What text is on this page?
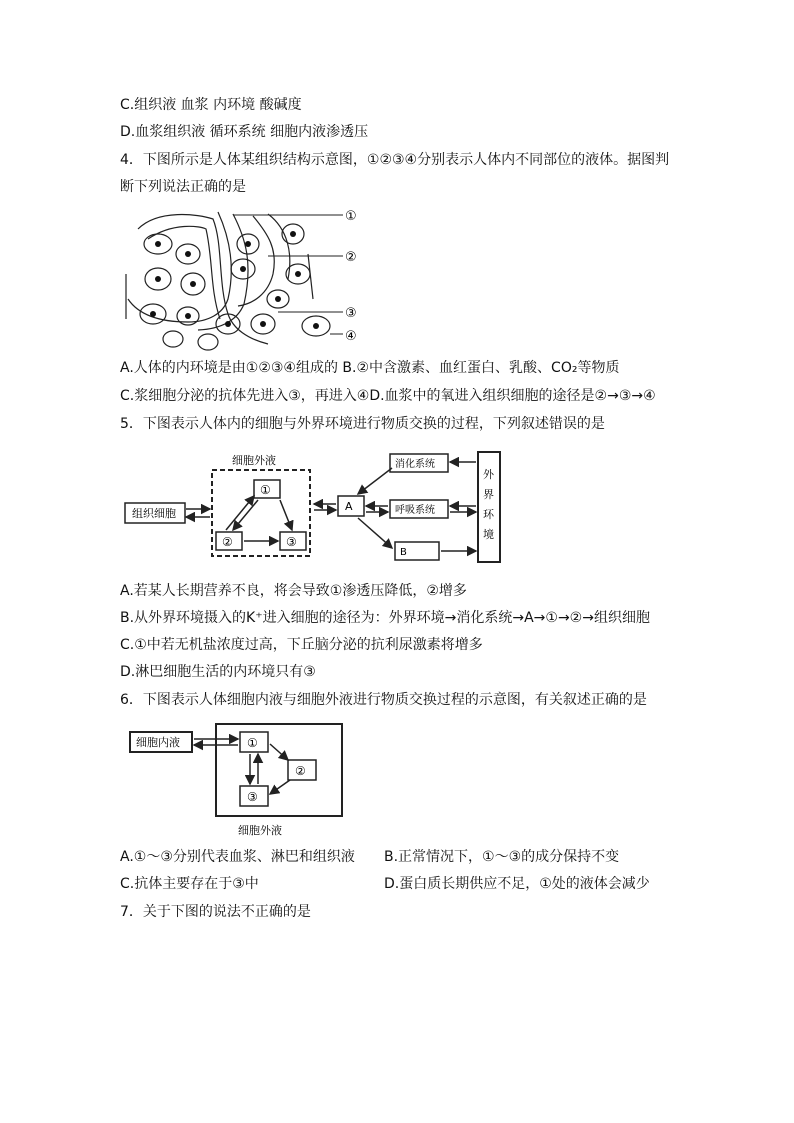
C.组织液 血浆 内环境 酸碱度
D.血浆组织液 循环系统 细胞内液渗透压
4．下图所示是人体某组织结构示意图，①②③④分别表示人体内不同部位的液体。据图判
断下列说法正确的是
①
②
③
④
A.人体的内环境是由①②③④组成的 B.②中含激素、血红蛋白、乳酸、CO₂等物质
C.浆细胞分泌的抗体先进入③，再进入④D.血浆中的氧进入组织细胞的途径是②→③→④
5．下图表示人体内的细胞与外界环境进行物质交换的过程，下列叙述错误的是
细胞外液
组织细胞
①
②	③
A
消化系统
呼吸系统
B
外
界
环
境
A.若某人长期营养不良，将会导致①渗透压降低，②增多
B.从外界环境摄入的K⁺进入细胞的途径为：外界环境→消化系统→A→①→②→组织细胞
C.①中若无机盐浓度过高，下丘脑分泌的抗利尿激素将增多
D.淋巴细胞生活的内环境只有③
6．下图表示人体细胞内液与细胞外液进行物质交换过程的示意图，有关叙述正确的是
细胞内液	①
②
③
细胞外液
A.①～③分别代表血浆、淋巴和组织液 B.正常情况下，①～③的成分保持不变
C.抗体主要存在于③中	D.蛋白质长期供应不足，①处的液体会减少
7．关于下图的说法不正确的是
